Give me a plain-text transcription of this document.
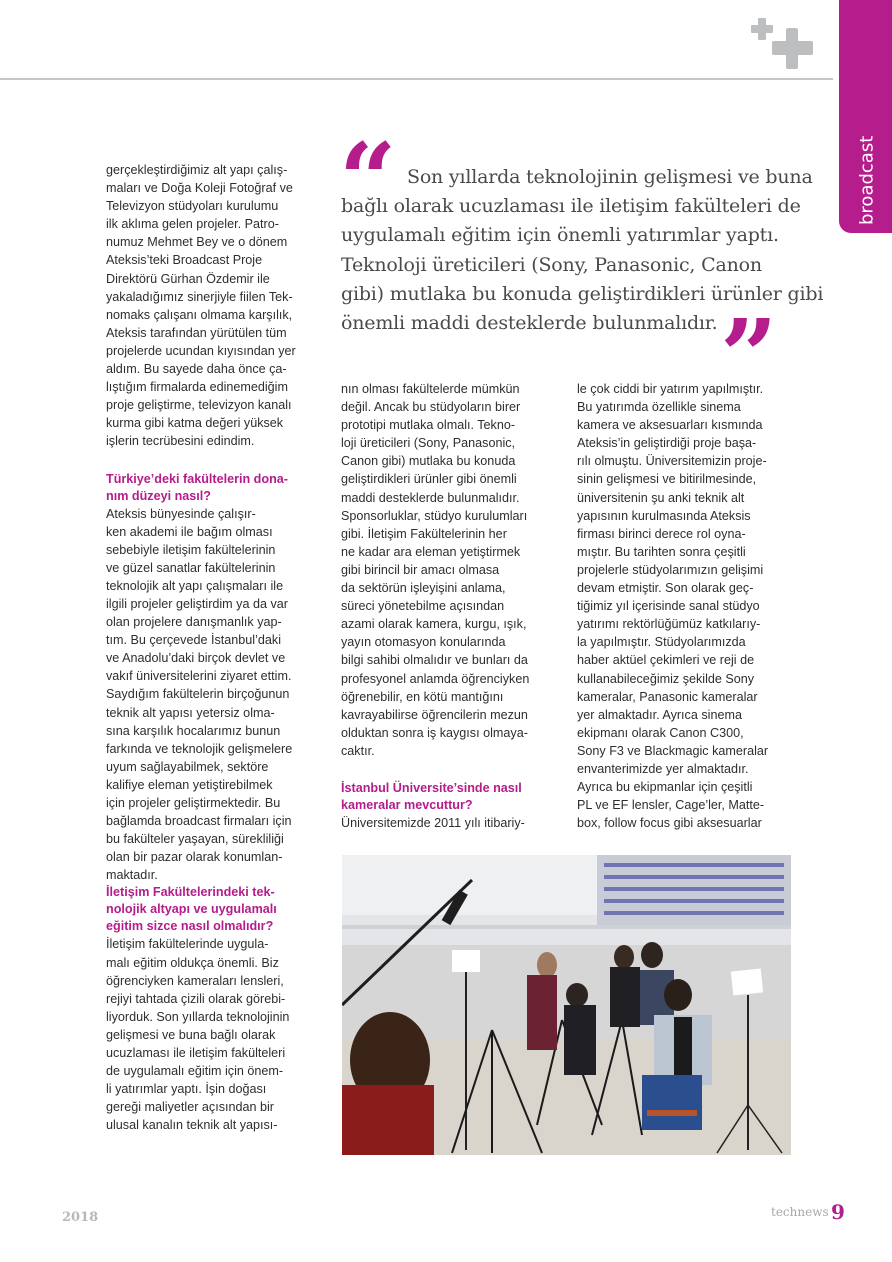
broadcast
“ Son yıllarda teknolojinin gelişmesi ve buna
bağlı olarak ucuzlaması ile iletişim fakülteleri de
uygulamalı eğitim için önemli yatırımlar yaptı.
Teknoloji üreticileri (Sony, Panasonic, Canon
gibi) mutlaka bu konuda geliştirdikleri ürünler gibi
önemli maddi desteklerde bulunmalıdır. ”

gerçekleştirdiğimiz alt yapı çalış-
maları ve Doğa Koleji Fotoğraf ve
Televizyon stüdyoları kurulumu
ilk aklıma gelen projeler. Patro-
numuz Mehmet Bey ve o dönem
Ateksis’teki Broadcast Proje
Direktörü Gürhan Özdemir ile
yakaladığımız sinerjiyle fiilen Tek-
nomaks çalışanı olmama karşılık,
Ateksis tarafından yürütülen tüm
projelerde ucundan kıyısından yer
aldım. Bu sayede daha önce ça-
lıştığım firmalarda edinemediğim
proje geliştirme, televizyon kanalı
kurma gibi katma değeri yüksek
işlerin tecrübesini edindim.

Türkiye’deki fakültelerin dona-
nım düzeyi nasıl?

Ateksis bünyesinde çalışır-
ken akademi ile bağım olması
sebebiyle iletişim fakültelerinin
ve güzel sanatlar fakültelerinin
teknolojik alt yapı çalışmaları ile
ilgili projeler geliştirdim ya da var
olan projelere danışmanlık yap-
tım. Bu çerçevede İstanbul’daki
ve Anadolu’daki birçok devlet ve
vakıf üniversitelerini ziyaret ettim.
Saydığım fakültelerin birçoğunun
teknik alt yapısı yetersiz olma-
sına karşılık hocalarımız bunun
farkında ve teknolojik gelişmelere
uyum sağlayabilmek, sektöre
kalifiye eleman yetiştirebilmek
için projeler geliştirmektedir. Bu
bağlamda broadcast firmaları için
bu fakülteler yaşayan, sürekliliği
olan bir pazar olarak konumlan-
maktadır.

İletişim Fakültelerindeki tek-
nolojik altyapı ve uygulamalı
eğitim sizce nasıl olmalıdır?

İletişim fakültelerinde uygula-
malı eğitim oldukça önemli. Biz
öğrenciyken kameraları lensleri,
rejiyi tahtada çizili olarak görebi-
liyorduk. Son yıllarda teknolojinin
gelişmesi ve buna bağlı olarak
ucuzlaması ile iletişim fakülteleri
de uygulamalı eğitim için önem-
li yatırımlar yaptı. İşin doğası
gereği maliyetler açısından bir
ulusal kanalın teknik alt yapısı-

nın olması fakültelerde mümkün
değil. Ancak bu stüdyoların birer
prototipi mutlaka olmalı. Tekno-
loji üreticileri (Sony, Panasonic,
Canon gibi) mutlaka bu konuda
geliştirdikleri ürünler gibi önemli
maddi desteklerde bulunmalıdır.
Sponsorluklar, stüdyo kurulumları
gibi. İletişim Fakültelerinin her
ne kadar ara eleman yetiştirmek
gibi birincil bir amacı olmasa
da sektörün işleyişini anlama,
süreci yönetebilme açısından
azami olarak kamera, kurgu, ışık,
yayın otomasyon konularında
bilgi sahibi olmalıdır ve bunları da
profesyonel anlamda öğrenciyken
öğrenebilir, en kötü mantığını
kavrayabilirse öğrencilerin mezun
olduktan sonra iş kaygısı olmaya-
caktır.

İstanbul Üniversite’sinde nasıl
kameralar mevcuttur?

Üniversitemizde 2011 yılı itibariy-

le çok ciddi bir yatırım yapılmıştır.
Bu yatırımda özellikle sinema
kamera ve aksesuarları kısmında
Ateksis’in geliştirdiği proje başa-
rılı olmuştu. Üniversitemizin proje-
sinin gelişmesi ve bitirilmesinde,
üniversitenin şu anki teknik alt
yapısının kurulmasında Ateksis
firması birinci derece rol oyna-
mıştır. Bu tarihten sonra çeşitli
projelerle stüdyolarımızın gelişimi
devam etmiştir. Son olarak geç-
tiğimiz yıl içerisinde sanal stüdyo
yatırımı rektörlüğümüz katkılarıy-
la yapılmıştır. Stüdyolarımızda
haber aktüel çekimleri ve reji de
kullanabileceğimiz şekilde Sony
kameralar, Panasonic kameralar
yer almaktadır. Ayrıca sinema
ekipmanı olarak Canon C300,
Sony F3 ve Blackmagic kameralar
envanterimizde yer almaktadır.
Ayrıca bu ekipmanlar için çeşitli
PL ve EF lensler, Cage’ler, Matte-
box, follow focus gibi aksesuarlar

2018	technews 9
